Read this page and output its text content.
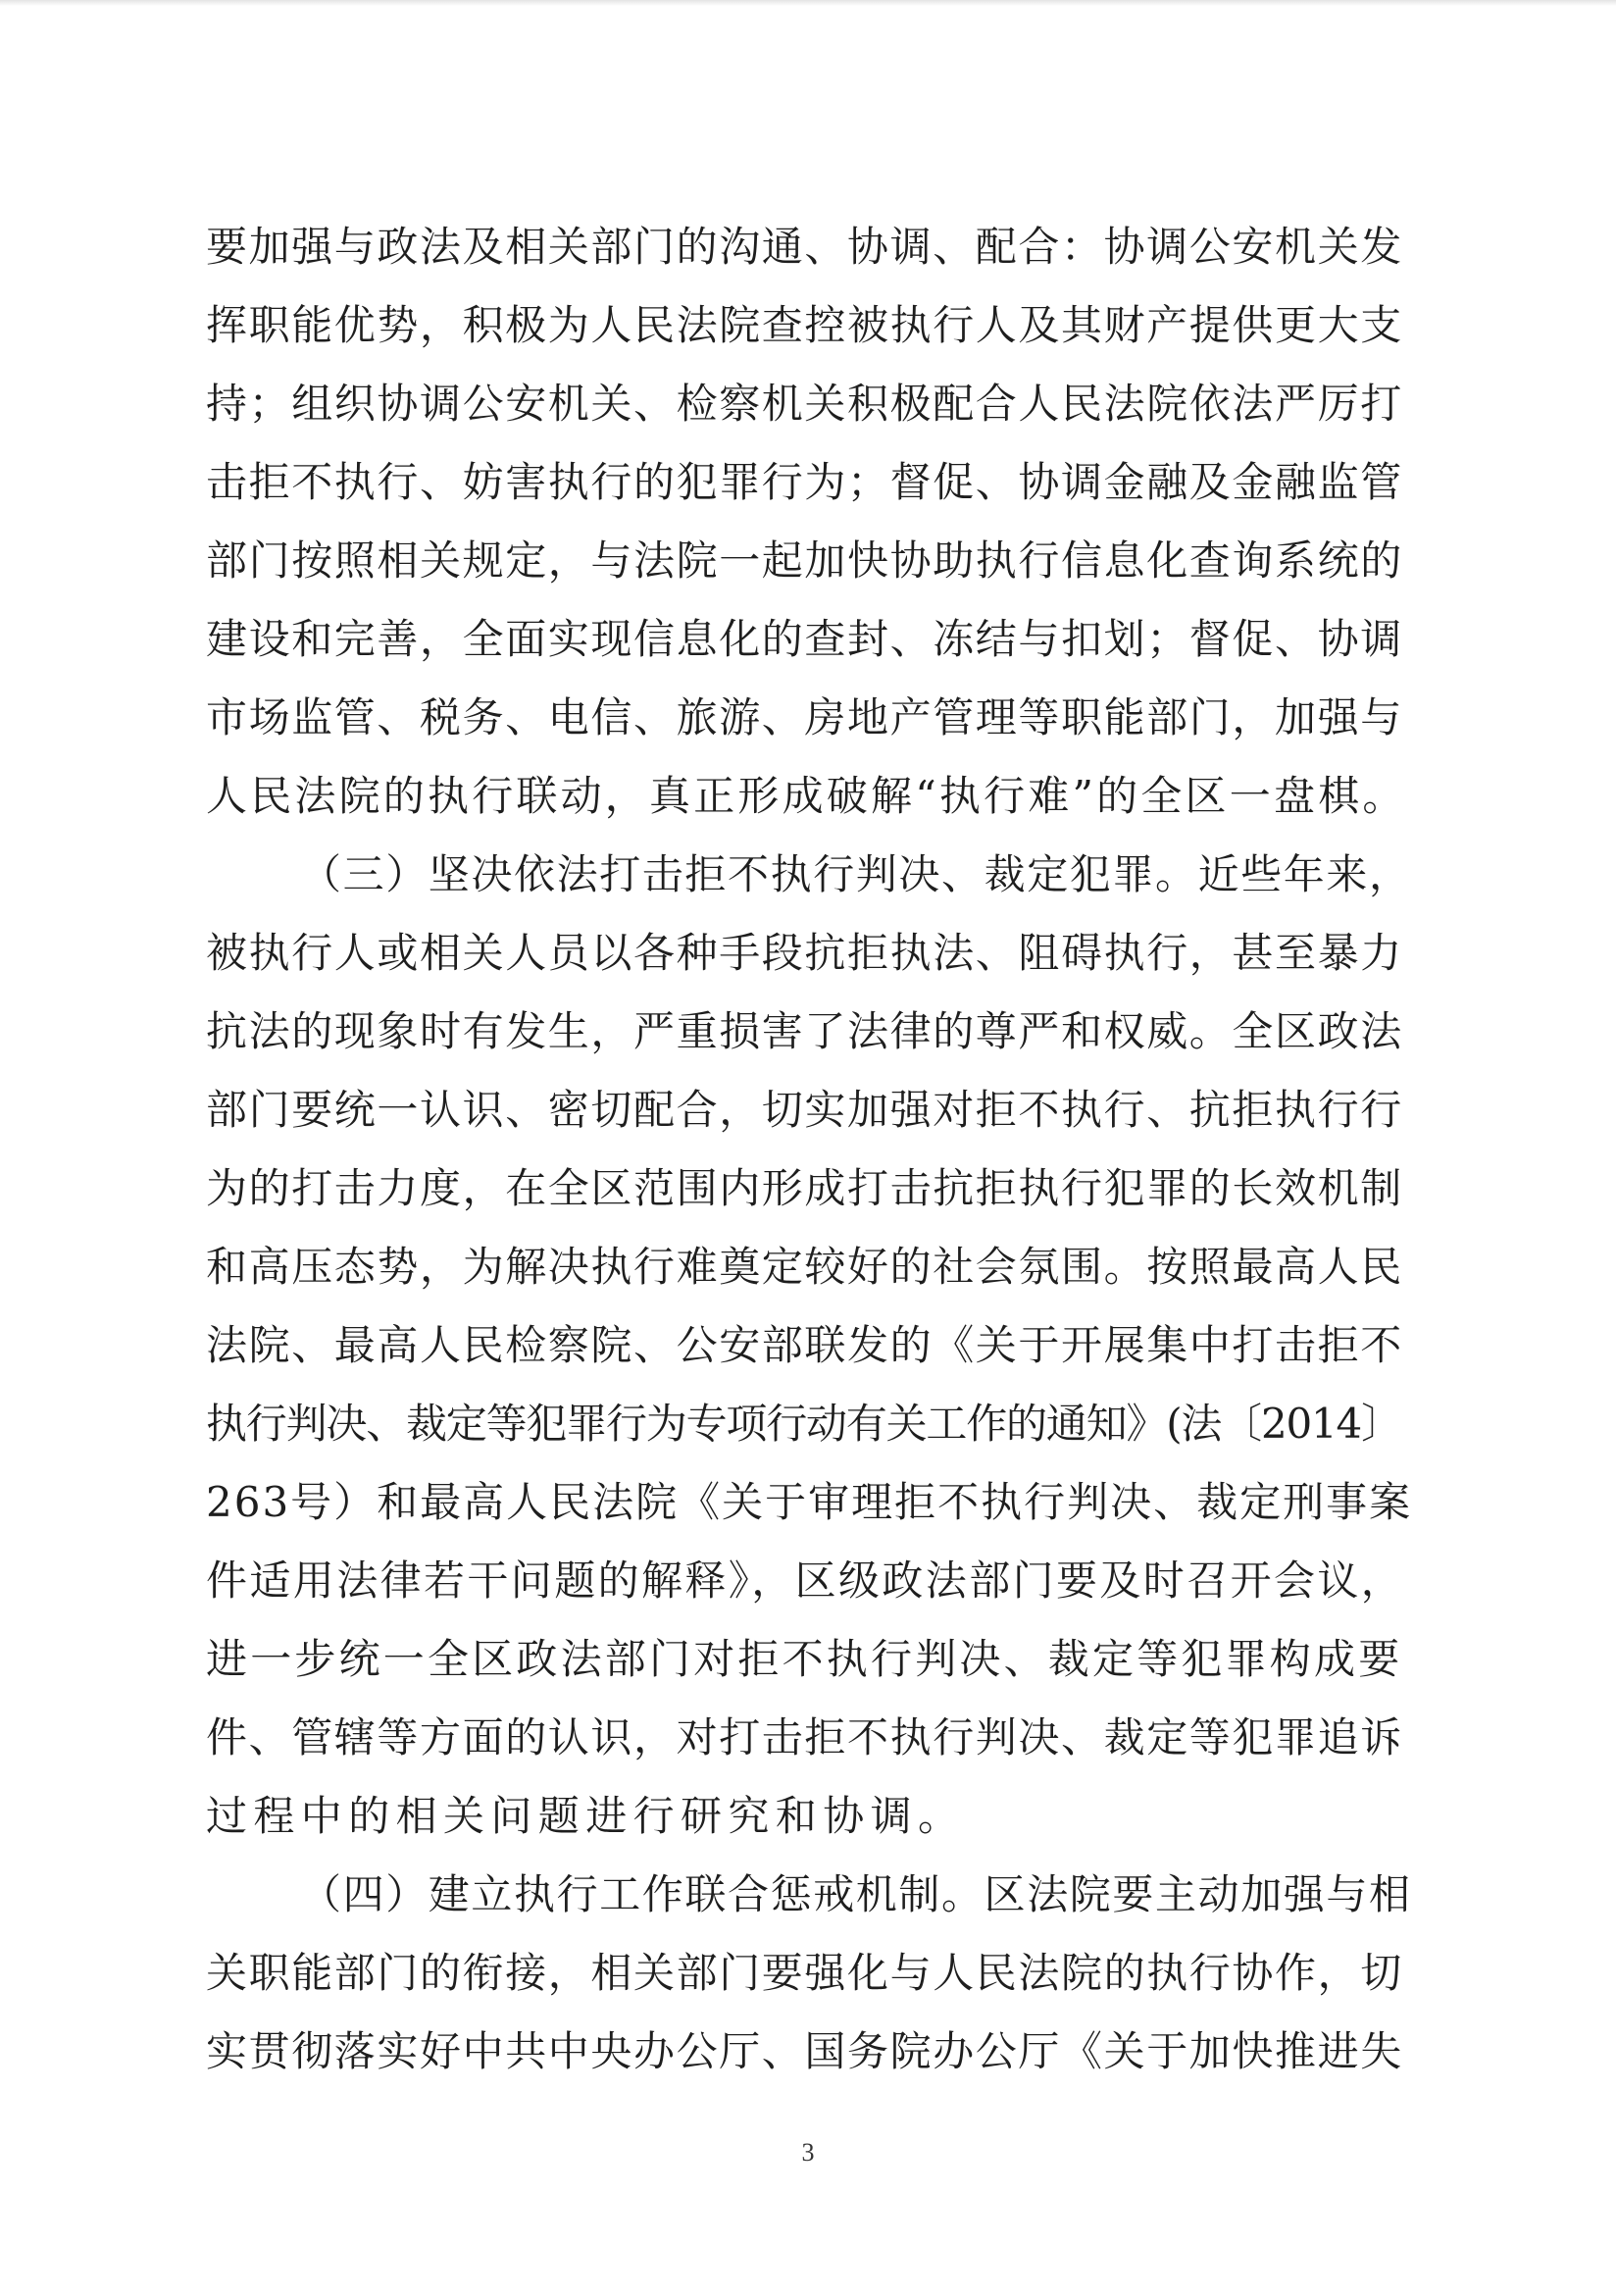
要加强与政法及相关部门的沟通、协调、配合：协调公安机关发
挥职能优势，积极为人民法院查控被执行人及其财产提供更大支
持；组织协调公安机关、检察机关积极配合人民法院依法严厉打
击拒不执行、妨害执行的犯罪行为；督促、协调金融及金融监管
部门按照相关规定，与法院一起加快协助执行信息化查询系统的
建设和完善，全面实现信息化的查封、冻结与扣划；督促、协调
市场监管、税务、电信、旅游、房地产管理等职能部门，加强与
人民法院的执行联动，真正形成破解“执行难”的全区一盘棋。
（三）坚决依法打击拒不执行判决、裁定犯罪。近些年来，
被执行人或相关人员以各种手段抗拒执法、阻碍执行，甚至暴力
抗法的现象时有发生，严重损害了法律的尊严和权威。全区政法
部门要统一认识、密切配合，切实加强对拒不执行、抗拒执行行
为的打击力度，在全区范围内形成打击抗拒执行犯罪的长效机制
和高压态势，为解决执行难奠定较好的社会氛围。按照最高人民
法院、最高人民检察院、公安部联发的《关于开展集中打击拒不
执行判决、裁定等犯罪行为专项行动有关工作的通知》(法〔2014〕
263号）和最高人民法院《关于审理拒不执行判决、裁定刑事案
件适用法律若干问题的解释》，区级政法部门要及时召开会议，
进一步统一全区政法部门对拒不执行判决、裁定等犯罪构成要
件、管辖等方面的认识，对打击拒不执行判决、裁定等犯罪追诉
过程中的相关问题进行研究和协调。
（四）建立执行工作联合惩戒机制。区法院要主动加强与相
关职能部门的衔接，相关部门要强化与人民法院的执行协作，切
实贯彻落实好中共中央办公厅、国务院办公厅《关于加快推进失
3
